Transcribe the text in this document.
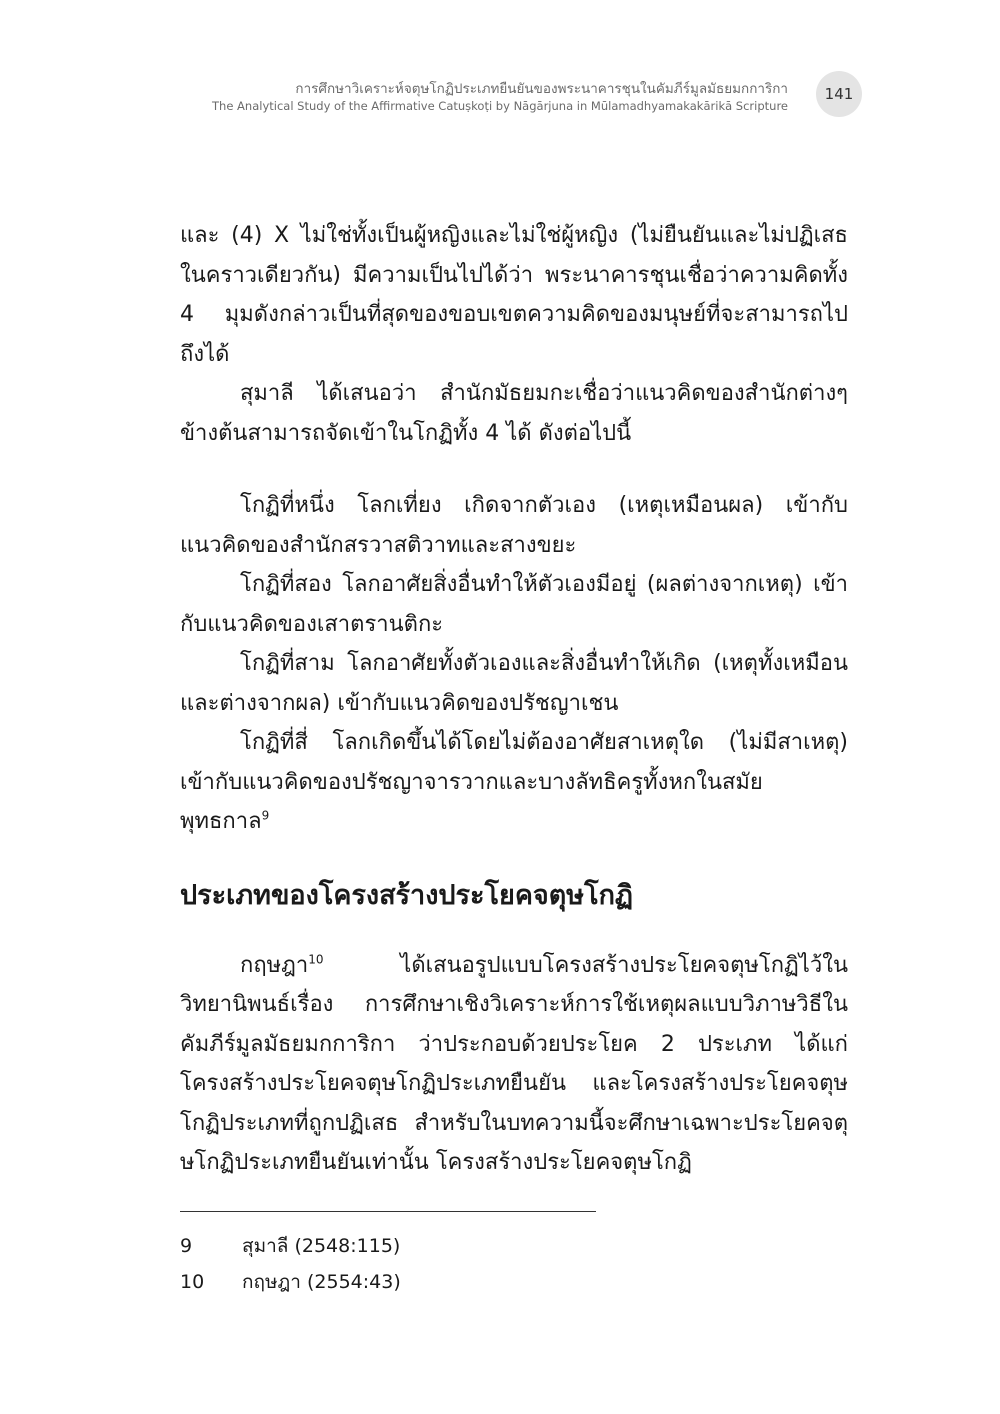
การศึกษาวิเคราะห์จตุษโกฏิประเภทยืนยันของพระนาคารชุนในคัมภีร์มูลมัธยมกการิกา
The Analytical Study of the Affirmative Catuṣkoṭi by Nāgārjuna in Mūlamadhyamakakārikā Scripture
141

และ (4) X ไม่ใช่ทั้งเป็นผู้หญิงและไม่ใช่ผู้หญิง (ไม่ยืนยันและไม่ปฏิเสธในคราวเดียวกัน) มีความเป็นไปได้ว่า พระนาคารชุนเชื่อว่าความคิดทั้ง 4 มุมดังกล่าวเป็นที่สุดของขอบเขตความคิดของมนุษย์ที่จะสามารถไปถึงได้

สุมาลี ได้เสนอว่า สำนักมัธยมกะเชื่อว่าแนวคิดของสำนักต่างๆ ข้างต้นสามารถจัดเข้าในโกฏิทั้ง 4 ได้ ดังต่อไปนี้

โกฏิที่หนึ่ง โลกเที่ยง เกิดจากตัวเอง (เหตุเหมือนผล) เข้ากับแนวคิดของสำนักสรวาสติวาทและสางขยะ

โกฏิที่สอง โลกอาศัยสิ่งอื่นทำให้ตัวเองมีอยู่ (ผลต่างจากเหตุ) เข้ากับแนวคิดของเสาตรานติกะ

โกฏิที่สาม โลกอาศัยทั้งตัวเองและสิ่งอื่นทำให้เกิด (เหตุทั้งเหมือนและต่างจากผล) เข้ากับแนวคิดของปรัชญาเชน

โกฏิที่สี่ โลกเกิดขึ้นได้โดยไม่ต้องอาศัยสาเหตุใด (ไม่มีสาเหตุ) เข้ากับแนวคิดของปรัชญาจารวากและบางลัทธิครูทั้งหกในสมัยพุทธกาล$^9$

ประเภทของโครงสร้างประโยคจตุษโกฏิ

กฤษฎา$^{10}$ ได้เสนอรูปแบบโครงสร้างประโยคจตุษโกฏิไว้ในวิทยานิพนธ์เรื่อง การศึกษาเชิงวิเคราะห์การใช้เหตุผลแบบวิภาษวิธีในคัมภีร์มูลมัธยมกการิกา ว่าประกอบด้วยประโยค 2 ประเภท ได้แก่ โครงสร้างประโยคจตุษโกฏิประเภทยืนยัน และโครงสร้างประโยคจตุษโกฏิประเภทที่ถูกปฏิเสธ สำหรับในบทความนี้จะศึกษาเฉพาะประโยคจตุษโกฏิประเภทยืนยันเท่านั้น โครงสร้างประโยคจตุษโกฏิ

9	สุมาลี (2548:115)
10	กฤษฎา (2554:43)
